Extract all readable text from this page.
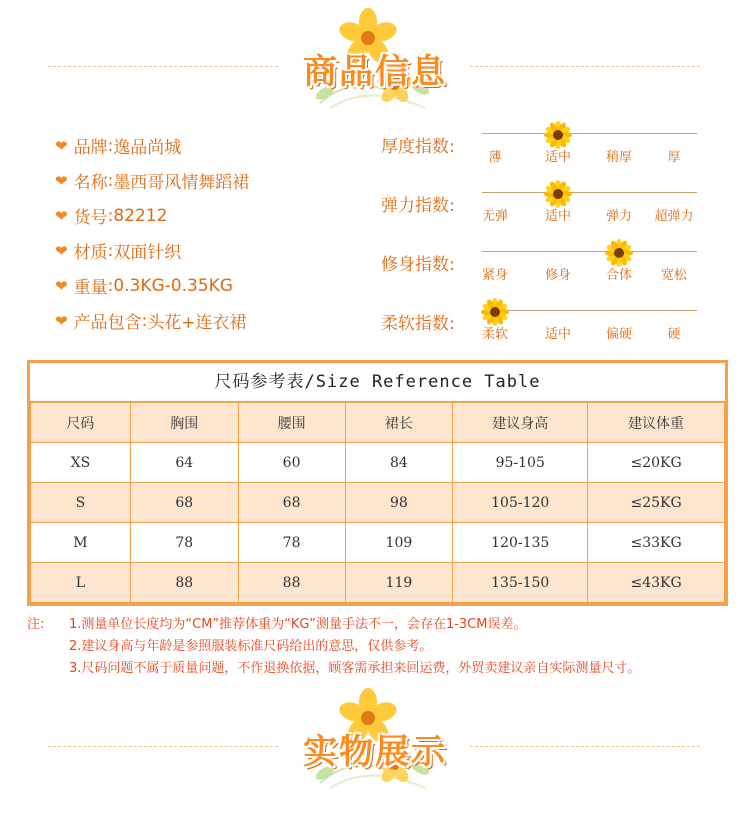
商品信息
❤ 品牌 : 逸品尚城
❤ 名称 : 墨西哥风情舞蹈裙
❤ 货号 : 82212
❤ 材质 : 双面针织
❤ 重量 : 0.3KG-0.35KG
❤ 产品包含 : 头花+连衣裙
厚度指数:
薄	适中	稍厚	厚
弹力指数:
无弹	适中	弹力	超弹力
修身指数:
紧身	修身	合体	宽松
柔软指数:
柔软	适中	偏硬	硬
尺码参考表/Size Reference Table
尺码	胸围	腰围	裙长	建议身高	建议体重
XS	64	60	84	95-105	≤20KG
S	68	68	98	105-120	≤25KG
M	78	78	109	120-135	≤33KG
L	88	88	119	135-150	≤43KG
注: 1.测量单位长度均为“CM”推荐体重为“KG”测量手法不一，会存在1-3CM误差。
2.建议身高与年龄是参照服装标准尺码给出的意思，仅供参考。
3.尺码问题不属于质量问题，不作退换依据，顾客需承担来回运费，外贸卖建议亲自实际测量尺寸。
实物展示
